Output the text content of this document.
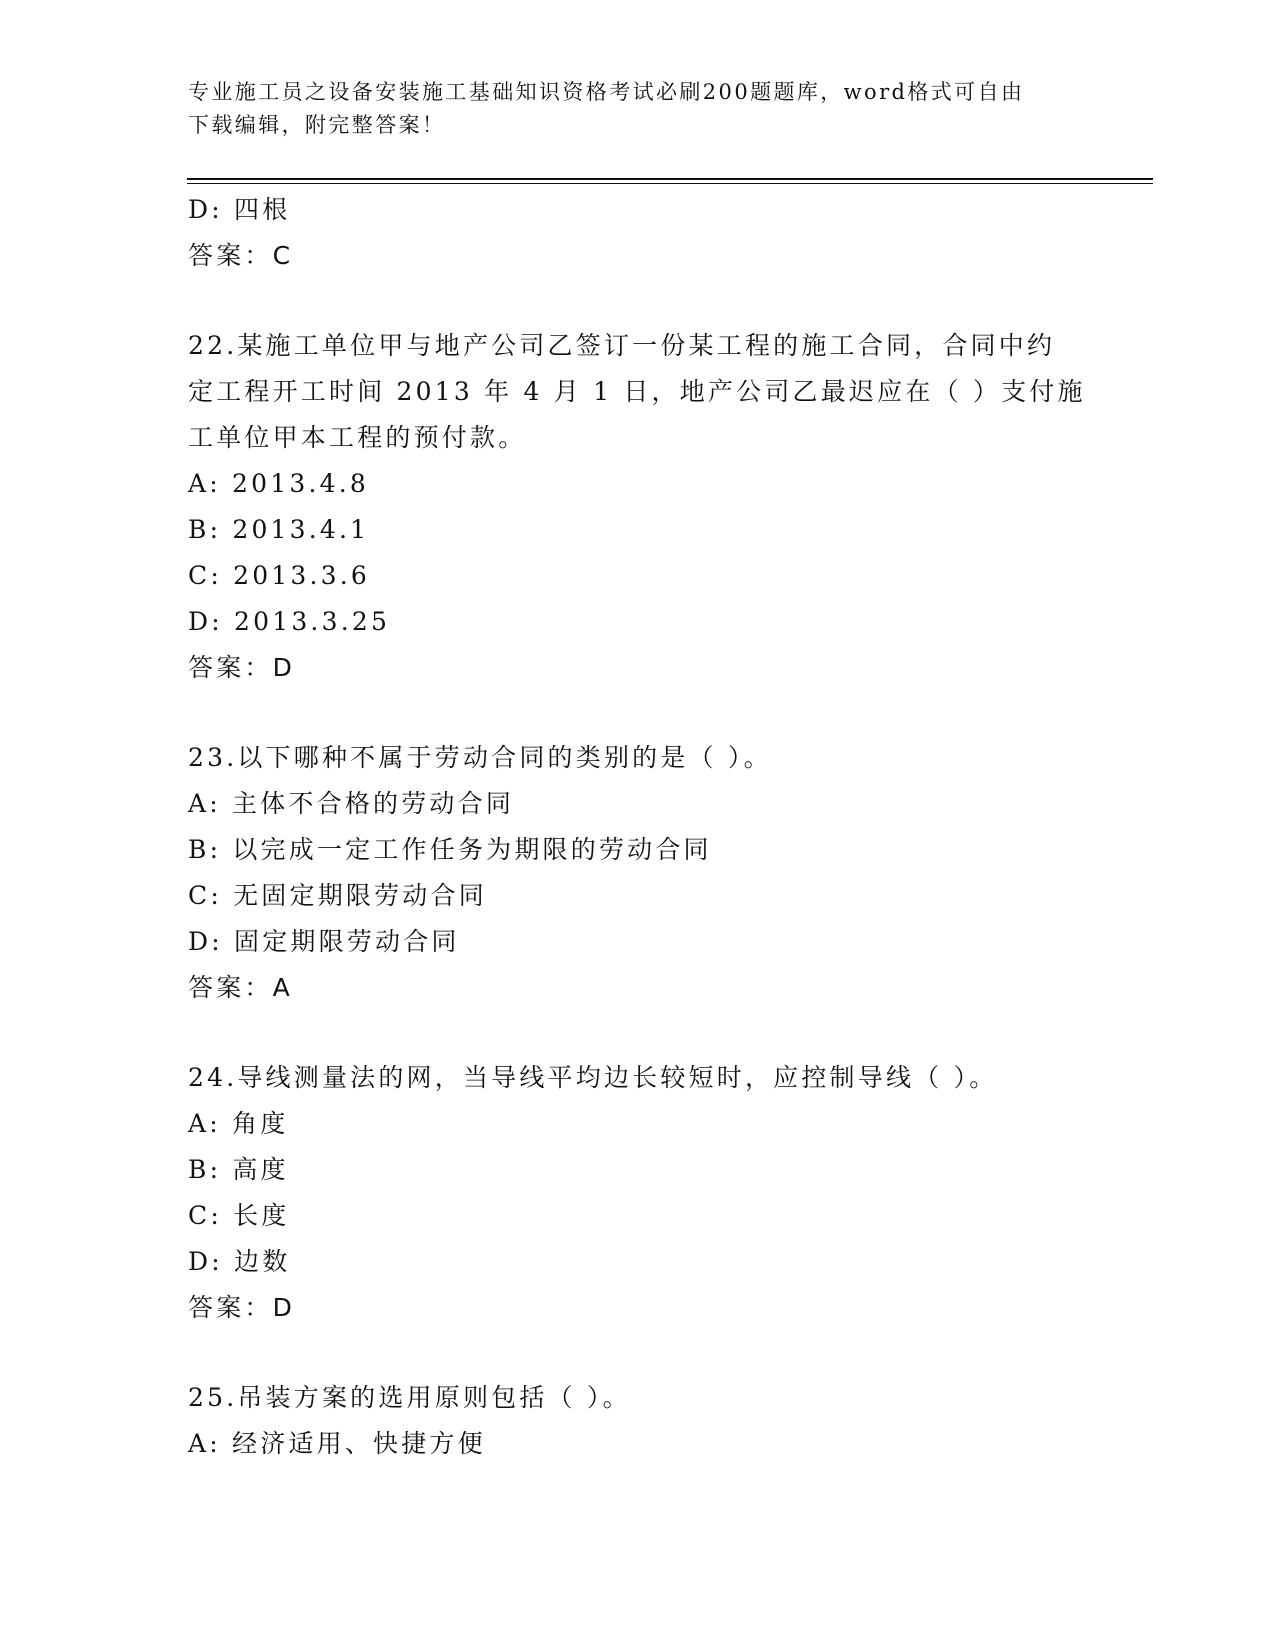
专业施工员之设备安装施工基础知识资格考试必刷200题题库，word格式可自由
下载编辑，附完整答案！
D: 四根
答案：C
22.某施工单位甲与地产公司乙签订一份某工程的施工合同，合同中约
定工程开工时间 2013 年 4 月 1 日，地产公司乙最迟应在（ ）支付施
工单位甲本工程的预付款。
A: 2013.4.8
B: 2013.4.1
C: 2013.3.6
D: 2013.3.25
答案：D
23.以下哪种不属于劳动合同的类别的是（ ）。
A: 主体不合格的劳动合同
B: 以完成一定工作任务为期限的劳动合同
C: 无固定期限劳动合同
D: 固定期限劳动合同
答案：A
24.导线测量法的网，当导线平均边长较短时，应控制导线（ ）。
A: 角度
B: 高度
C: 长度
D: 边数
答案：D
25.吊装方案的选用原则包括（ ）。
A: 经济适用、快捷方便
